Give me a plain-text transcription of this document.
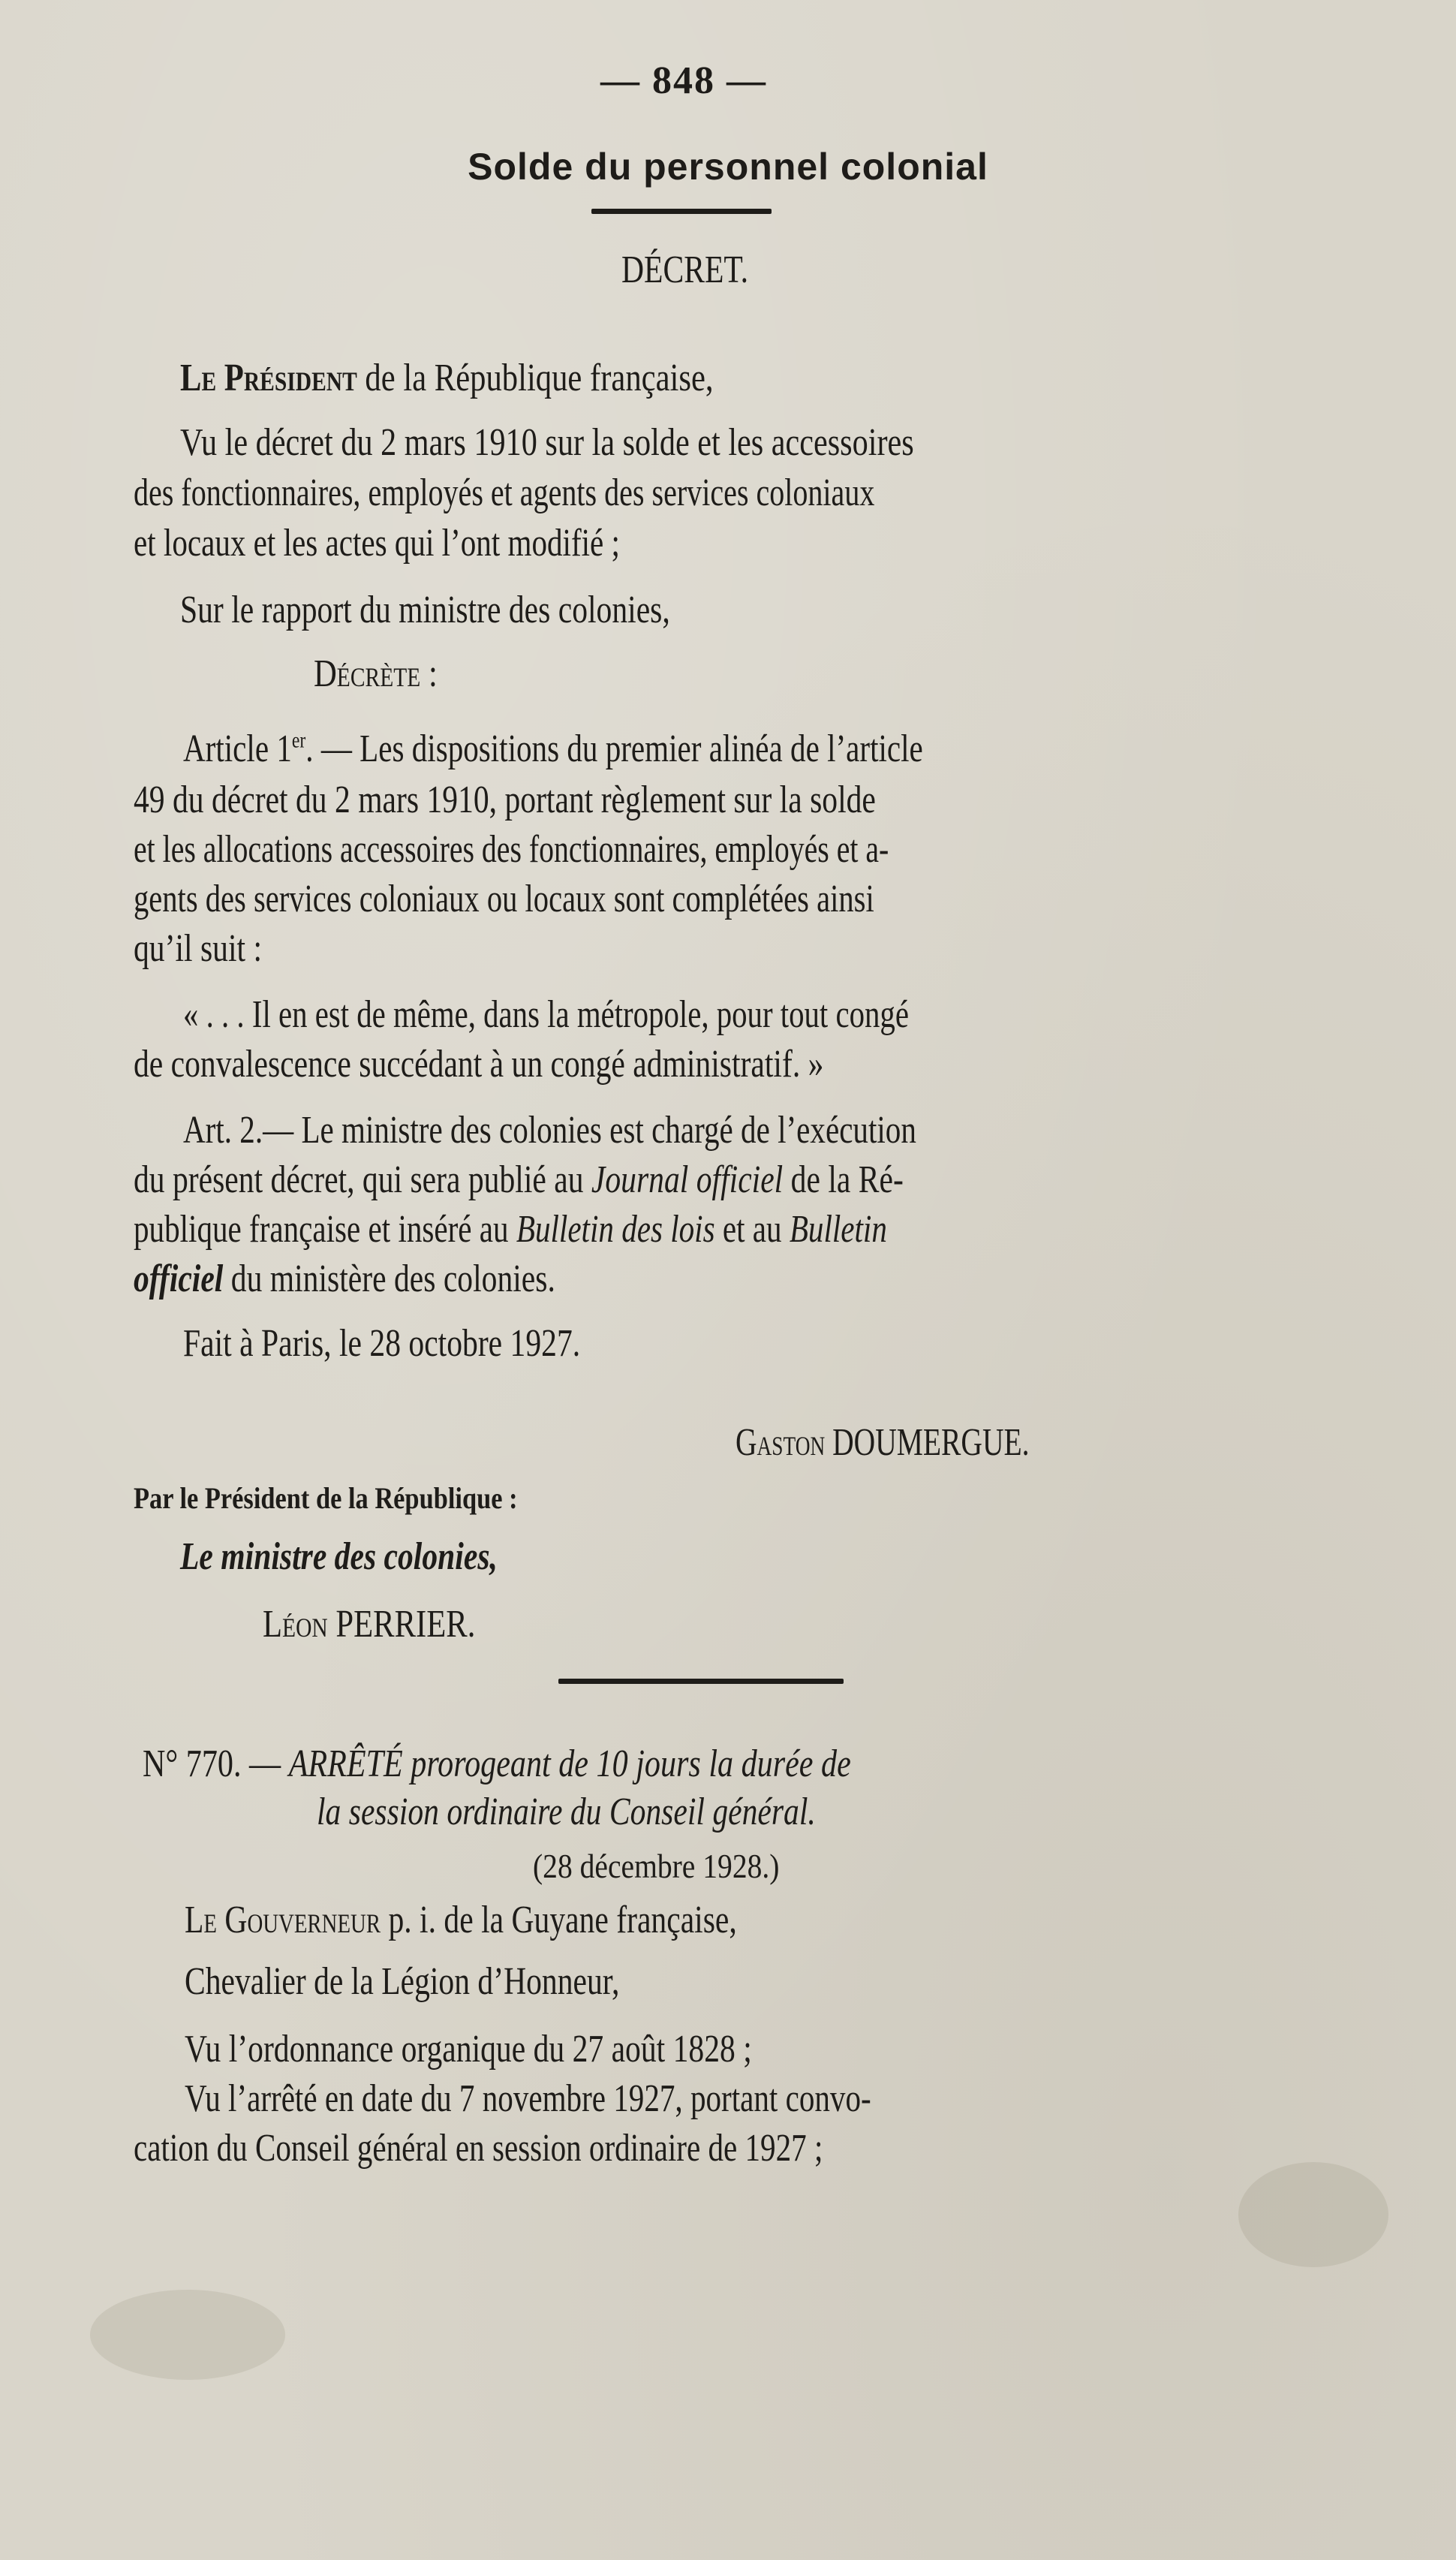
— 848 —
Solde du personnel colonial
DÉCRET.
Le Président de la République française,
Vu le décret du 2 mars 1910 sur la solde et les accessoires
des fonctionnaires, employés et agents des services coloniaux
et locaux et les actes qui l’ont modifié ;
Sur le rapport du ministre des colonies,
Décrète :
Article 1er. — Les dispositions du premier alinéa de l’article
49 du décret du 2 mars 1910, portant règlement sur la solde
et les allocations accessoires des fonctionnaires, employés et a-
gents des services coloniaux ou locaux sont complétées ainsi
qu’il suit :
« . . . Il en est de même, dans la métropole, pour tout congé
de convalescence succédant à un congé administratif. »
Art. 2.— Le ministre des colonies est chargé de l’exécution
du présent décret, qui sera publié au Journal officiel de la Ré-
publique française et inséré au Bulletin des lois et au Bulletin
officiel du ministère des colonies.
Fait à Paris, le 28 octobre 1927.
Gaston DOUMERGUE.
Par le Président de la République :
Le ministre des colonies,
Léon PERRIER.
N° 770. — ARRÊTÉ prorogeant de 10 jours la durée de
la session ordinaire du Conseil général.
(28 décembre 1928.)
Le Gouverneur p. i. de la Guyane française,
Chevalier de la Légion d’Honneur,
Vu l’ordonnance organique du 27 août 1828 ;
Vu l’arrêté en date du 7 novembre 1927, portant convo-
cation du Conseil général en session ordinaire de 1927 ;
